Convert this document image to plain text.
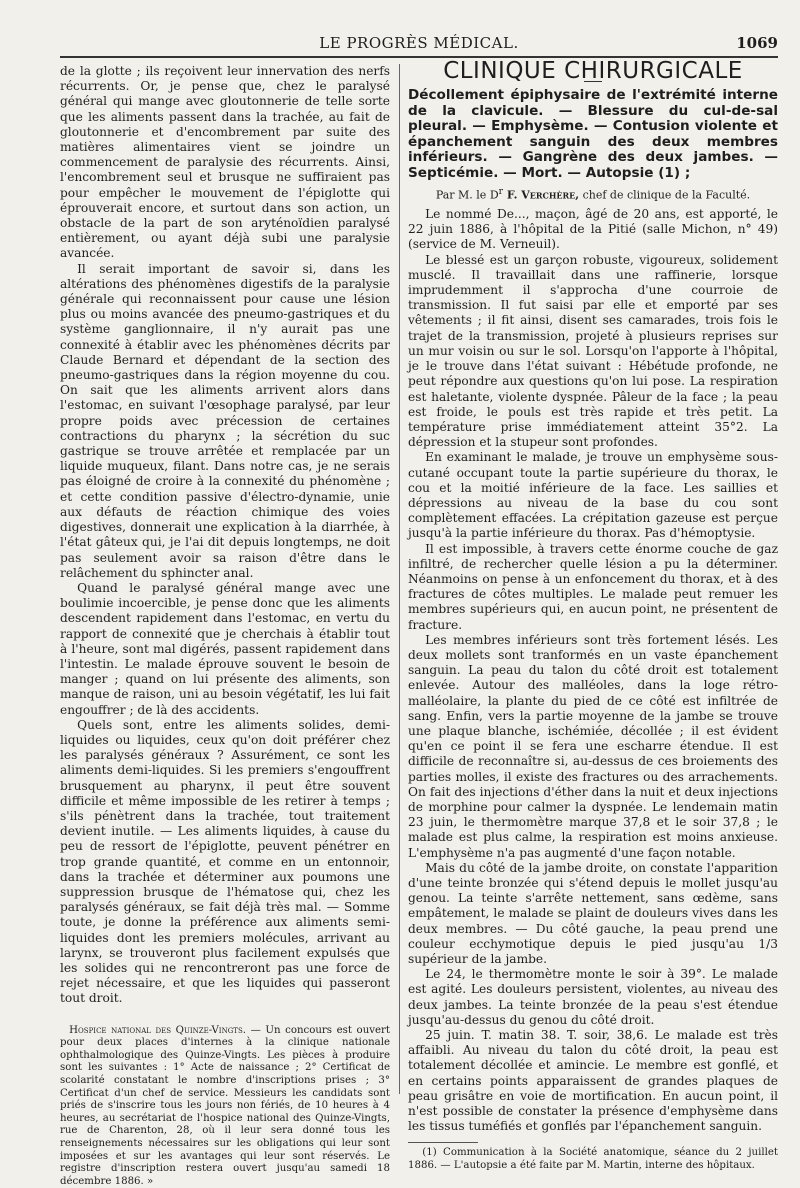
LE PROGRÈS MÉDICAL.	1069

de la glotte ; ils reçoivent leur innervation des nerfs récurrents. Or, je pense que, chez le paralysé général qui mange avec gloutonnerie de telle sorte que les aliments passent dans la trachée, au fait de gloutonnerie et d'encombrement par suite des matières alimentaires vient se joindre un commencement de paralysie des récurrents. Ainsi, l'encombrement seul et brusque ne suffiraient pas pour empêcher le mouvement de l'épiglotte qui éprouverait encore, et surtout dans son action, un obstacle de la part de son aryténoïdien paralysé entièrement, ou ayant déjà subi une paralysie avancée.

Il serait important de savoir si, dans les altérations des phénomènes digestifs de la paralysie générale qui reconnaissent pour cause une lésion plus ou moins avancée des pneumo-gastriques et du système ganglionnaire, il n'y aurait pas une connexité à établir avec les phénomènes décrits par Claude Bernard et dépendant de la section des pneumo-gastriques dans la région moyenne du cou. On sait que les aliments arrivent alors dans l'estomac, en suivant l'œsophage paralysé, par leur propre poids avec précession de certaines contractions du pharynx ; la sécrétion du suc gastrique se trouve arrêtée et remplacée par un liquide muqueux, filant. Dans notre cas, je ne serais pas éloigné de croire à la connexité du phénomène ; et cette condition passive d'électro-dynamie, unie aux défauts de réaction chimique des voies digestives, donnerait une explication à la diarrhée, à l'état gâteux qui, je l'ai dit depuis longtemps, ne doit pas seulement avoir sa raison d'être dans le relâchement du sphincter anal.

Quand le paralysé général mange avec une boulimie incoercible, je pense donc que les aliments descendent rapidement dans l'estomac, en vertu du rapport de connexité que je cherchais à établir tout à l'heure, sont mal digérés, passent rapidement dans l'intestin. Le malade éprouve souvent le besoin de manger ; quand on lui présente des aliments, son manque de raison, uni au besoin végétatif, les lui fait engouffrer ; de là des accidents.

Quels sont, entre les aliments solides, demi-liquides ou liquides, ceux qu'on doit préférer chez les paralysés généraux ? Assurément, ce sont les aliments demi-liquides. Si les premiers s'engouffrent brusquement au pharynx, il peut être souvent difficile et même impossible de les retirer à temps ; s'ils pénètrent dans la trachée, tout traitement devient inutile. — Les aliments liquides, à cause du peu de ressort de l'épiglotte, peuvent pénétrer en trop grande quantité, et comme en un entonnoir, dans la trachée et déterminer aux poumons une suppression brusque de l'hématose qui, chez les paralysés généraux, se fait déjà très mal. — Somme toute, je donne la préférence aux aliments semi-liquides dont les premiers molécules, arrivant au larynx, se trouveront plus facilement expulsés que les solides qui ne rencontreront pas une force de rejet nécessaire, et que les liquides qui passeront tout droit.

Hospice national des Quinze-Vingts. — Un concours est ouvert pour deux places d'internes à la clinique nationale ophthalmologique des Quinze-Vingts. Les pièces à produire sont les suivantes : 1° Acte de naissance ; 2° Certificat de scolarité constatant le nombre d'inscriptions prises ; 3° Certificat d'un chef de service. Messieurs les candidats sont priés de s'inscrire tous les jours non fériés, de 10 heures à 4 heures, au secrétariat de l'hospice national des Quinze-Vingts, rue de Charenton, 28, où il leur sera donné tous les renseignements nécessaires sur les obligations qui leur sont imposées et sur les avantages qui leur sont réservés. Le registre d'inscription restera ouvert jusqu'au samedi 18 décembre 1886. »

CLINIQUE CHIRURGICALE

Décollement épiphysaire de l'extrémité interne de la clavicule. — Blessure du cul-de-sal pleural. — Emphysème. — Contusion violente et épanchement sanguin des deux membres inférieurs. — Gangrène des deux jambes. — Septicémie. — Mort. — Autopsie (1) ;

Par M. le $D^r$ F. Verchère, chef de clinique de la Faculté.

Le nommé De..., maçon, âgé de 20 ans, est apporté, le 22 juin 1886, à l'hôpital de la Pitié (salle Michon, n° 49) (service de M. Verneuil).

Le blessé est un garçon robuste, vigoureux, solidement musclé. Il travaillait dans une raffinerie, lorsque imprudemment il s'approcha d'une courroie de transmission. Il fut saisi par elle et emporté par ses vêtements ; il fit ainsi, disent ses camarades, trois fois le trajet de la transmission, projeté à plusieurs reprises sur un mur voisin ou sur le sol. Lorsqu'on l'apporte à l'hôpital, je le trouve dans l'état suivant : Hébétude profonde, ne peut répondre aux questions qu'on lui pose. La respiration est haletante, violente dyspnée. Pâleur de la face ; la peau est froide, le pouls est très rapide et très petit. La température prise immédiatement atteint 35°2. La dépression et la stupeur sont profondes.

En examinant le malade, je trouve un emphysème sous-cutané occupant toute la partie supérieure du thorax, le cou et la moitié inférieure de la face. Les saillies et dépressions au niveau de la base du cou sont complètement effacées. La crépitation gazeuse est perçue jusqu'à la partie inférieure du thorax. Pas d'hémoptysie.

Il est impossible, à travers cette énorme couche de gaz infiltré, de rechercher quelle lésion a pu la déterminer. Néanmoins on pense à un enfoncement du thorax, et à des fractures de côtes multiples. Le malade peut remuer les membres supérieurs qui, en aucun point, ne présentent de fracture.

Les membres inférieurs sont très fortement lésés. Les deux mollets sont tranformés en un vaste épanchement sanguin. La peau du talon du côté droit est totalement enlevée. Autour des malléoles, dans la loge rétro-malléolaire, la plante du pied de ce côté est infiltrée de sang. Enfin, vers la partie moyenne de la jambe se trouve une plaque blanche, ischémiée, décollée ; il est évident qu'en ce point il se fera une escharre étendue. Il est difficile de reconnaître si, au-dessus de ces broiements des parties molles, il existe des fractures ou des arrachements. On fait des injections d'éther dans la nuit et deux injections de morphine pour calmer la dyspnée. Le lendemain matin 23 juin, le thermomètre marque 37,8 et le soir 37,8 ; le malade est plus calme, la respiration est moins anxieuse. L'emphysème n'a pas augmenté d'une façon notable.

Mais du côté de la jambe droite, on constate l'apparition d'une teinte bronzée qui s'étend depuis le mollet jusqu'au genou. La teinte s'arrête nettement, sans œdème, sans empâtement, le malade se plaint de douleurs vives dans les deux membres. — Du côté gauche, la peau prend une couleur ecchymotique depuis le pied jusqu'au 1/3 supérieur de la jambe.

Le 24, le thermomètre monte le soir à 39°. Le malade est agité. Les douleurs persistent, violentes, au niveau des deux jambes. La teinte bronzée de la peau s'est étendue jusqu'au-dessus du genou du côté droit.

25 juin. T. matin 38. T. soir, 38,6. Le malade est très affaibli. Au niveau du talon du côté droit, la peau est totalement décollée et amincie. Le membre est gonflé, et en certains points apparaissent de grandes plaques de peau grisâtre en voie de mortification. En aucun point, il n'est possible de constater la présence d'emphysème dans les tissus tuméfiés et gonflés par l'épanchement sanguin.

(1) Communication à la Société anatomique, séance du 2 juillet 1886. — L'autopsie a été faite par M. Martin, interne des hôpitaux.
